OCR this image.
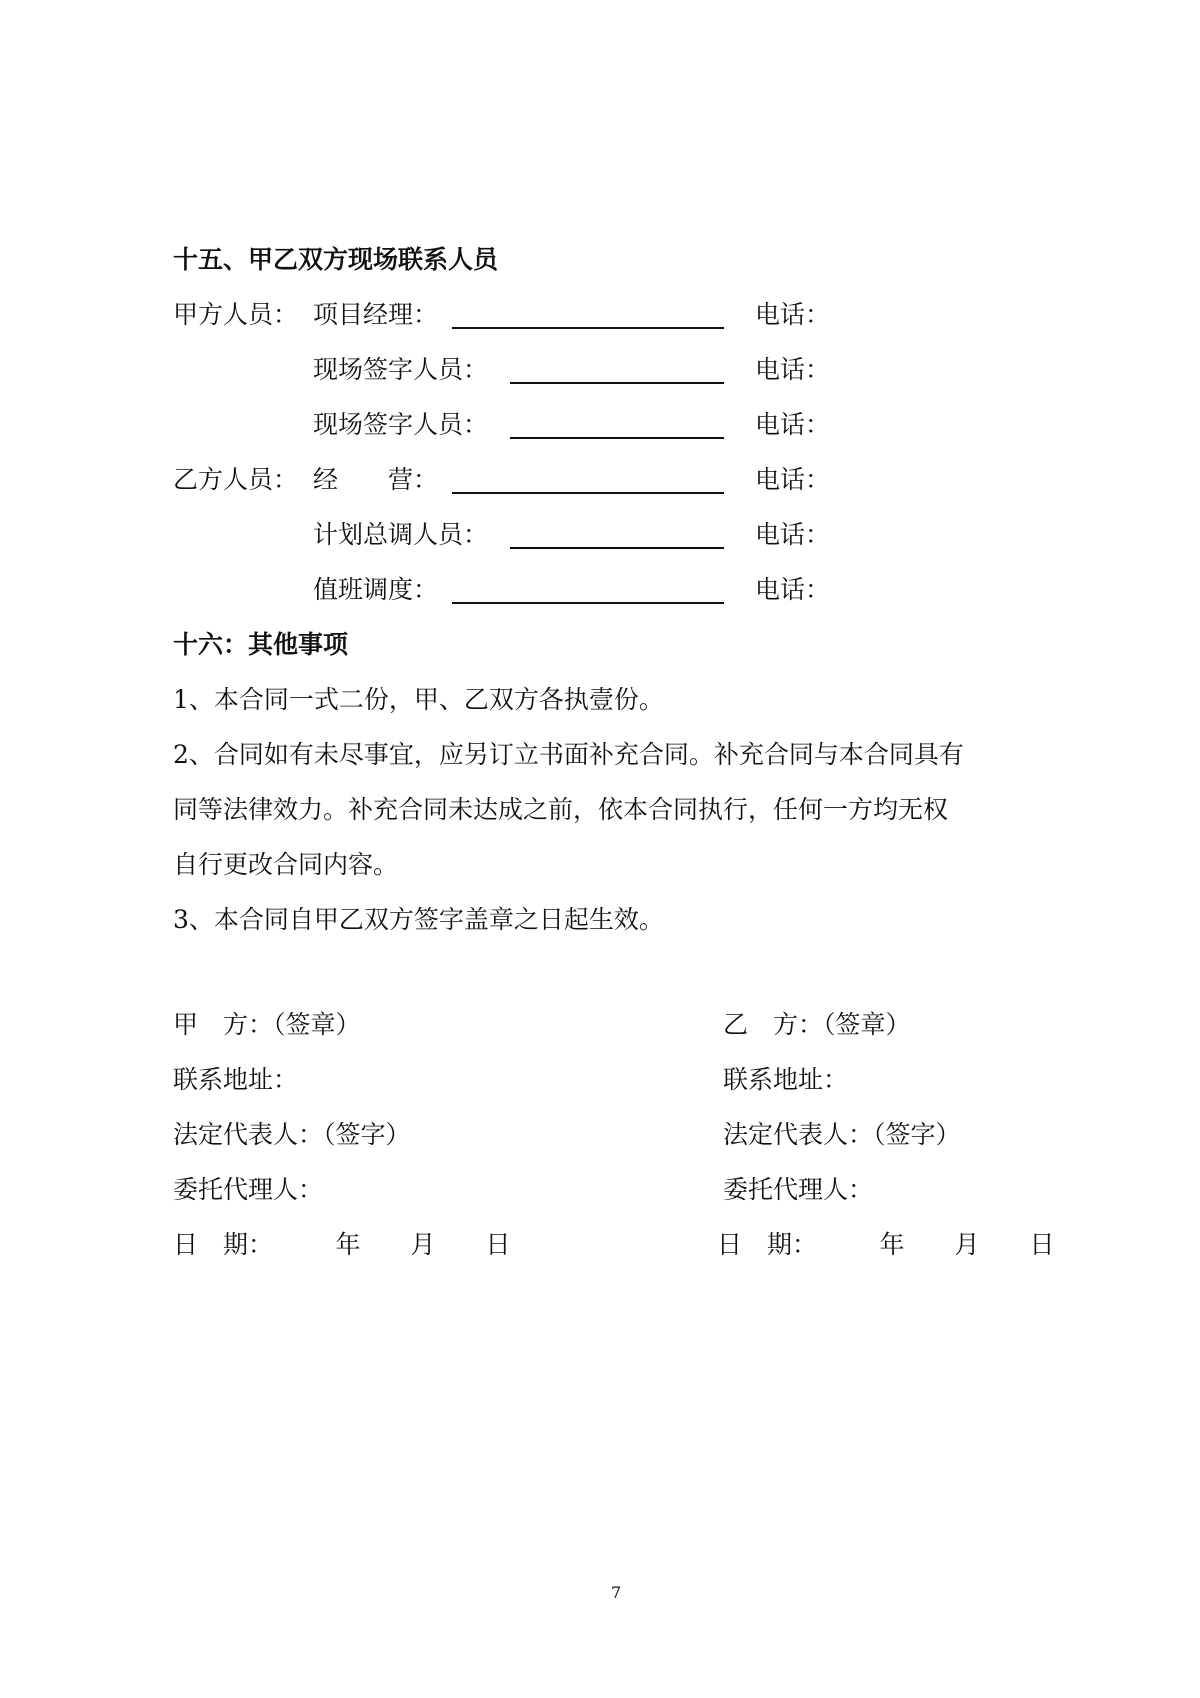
十五、甲乙双方现场联系人员
甲方人员： 项目经理：	电话：
现场签字人员：	电话：
现场签字人员：	电话：
乙方人员： 经　　营：	电话：
计划总调人员：	电话：
值班调度：	电话：
十六：其他事项
1、本合同一式二份，甲、乙双方各执壹份。
2、合同如有未尽事宜，应另订立书面补充合同。补充合同与本合同具有
同等法律效力。补充合同未达成之前，依本合同执行，任何一方均无权
自行更改合同内容。
3、本合同自甲乙双方签字盖章之日起生效。
甲　方：（签章）
联系地址：
法定代表人：（签字）
委托代理人：
日　期：　　　年　　月　　日
乙　方：（签章）
联系地址：
法定代表人：（签字）
委托代理人：
日　期：　　　年　　月　　日
7
